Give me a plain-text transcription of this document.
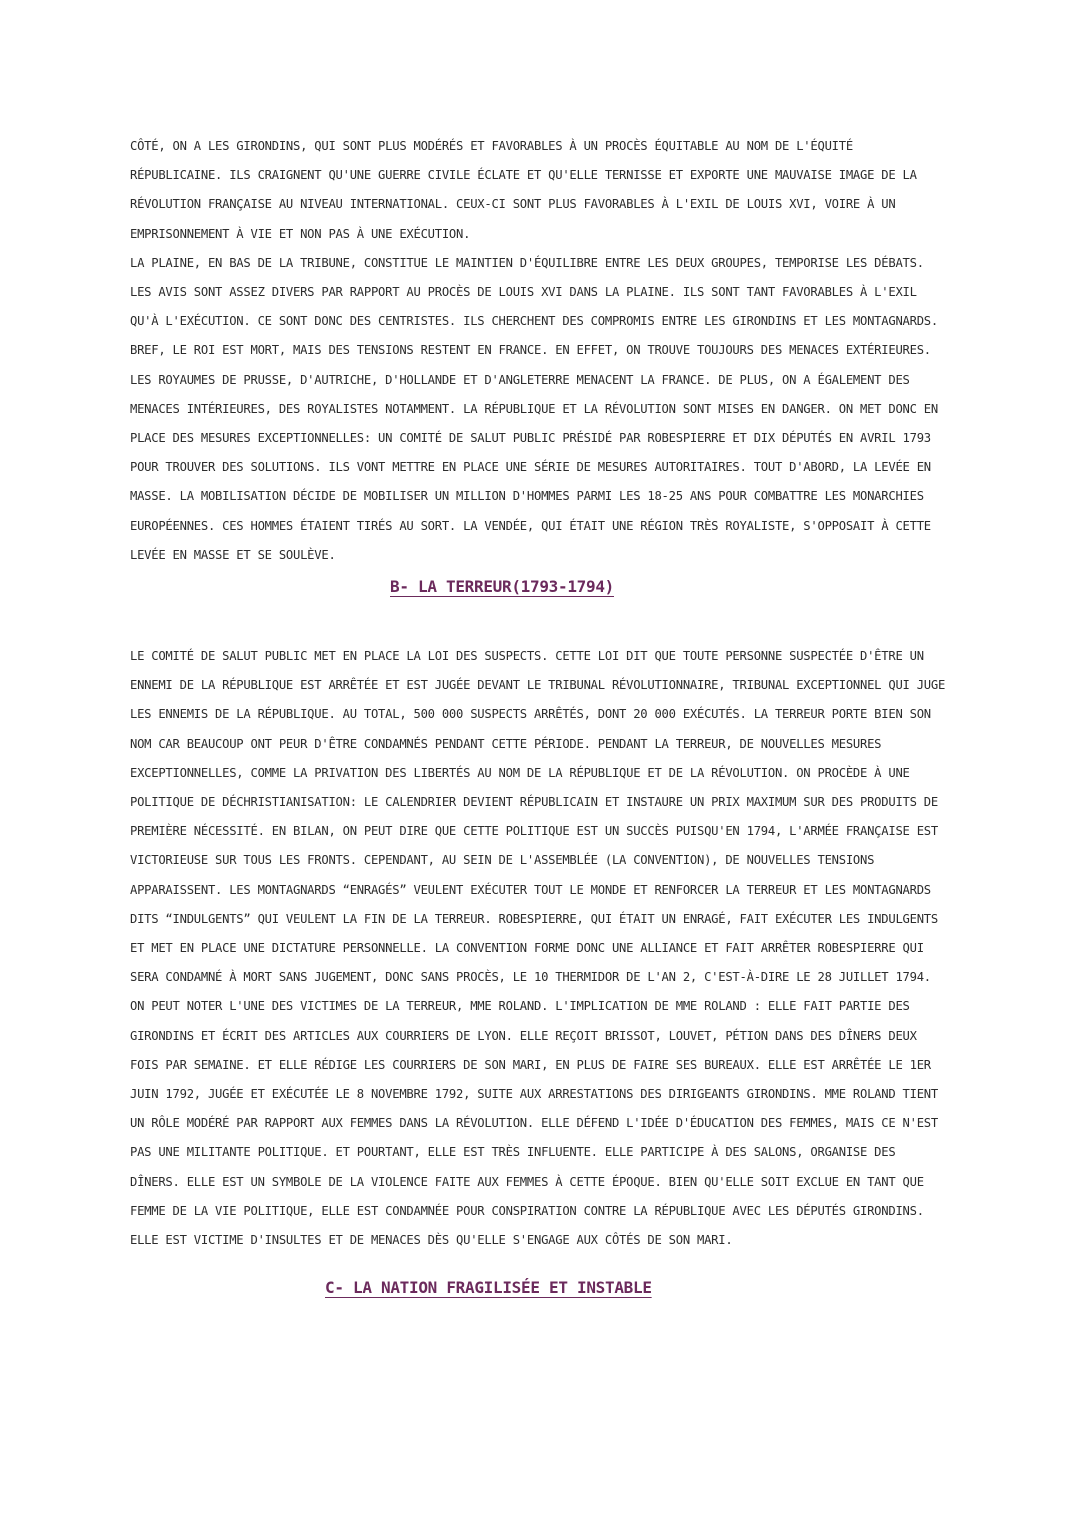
CÔTÉ, ON A LES GIRONDINS, QUI SONT PLUS MODÉRÉS ET FAVORABLES À UN PROCÈS ÉQUITABLE AU NOM DE L'ÉQUITÉ RÉPUBLICAINE. ILS CRAIGNENT QU'UNE GUERRE CIVILE ÉCLATE ET QU'ELLE TERNISSE ET EXPORTE UNE MAUVAISE IMAGE DE LA RÉVOLUTION FRANÇAISE AU NIVEAU INTERNATIONAL. CEUX-CI SONT PLUS FAVORABLES À L'EXIL DE LOUIS XVI, VOIRE À UN EMPRISONNEMENT À VIE ET NON PAS À UNE EXÉCUTION.

LA PLAINE, EN BAS DE LA TRIBUNE, CONSTITUE LE MAINTIEN D'ÉQUILIBRE ENTRE LES DEUX GROUPES, TEMPORISE LES DÉBATS. LES AVIS SONT ASSEZ DIVERS PAR RAPPORT AU PROCÈS DE LOUIS XVI DANS LA PLAINE. ILS SONT TANT FAVORABLES À L'EXIL QU'À L'EXÉCUTION. CE SONT DONC DES CENTRISTES. ILS CHERCHENT DES COMPROMIS ENTRE LES GIRONDINS ET LES MONTAGNARDS.

BREF, LE ROI EST MORT, MAIS DES TENSIONS RESTENT EN FRANCE. EN EFFET, ON TROUVE TOUJOURS DES MENACES EXTÉRIEURES. LES ROYAUMES DE PRUSSE, D'AUTRICHE, D'HOLLANDE ET D'ANGLETERRE MENACENT LA FRANCE. DE PLUS, ON A ÉGALEMENT DES MENACES INTÉRIEURES, DES ROYALISTES NOTAMMENT. LA RÉPUBLIQUE ET LA RÉVOLUTION SONT MISES EN DANGER. ON MET DONC EN PLACE DES MESURES EXCEPTIONNELLES: UN COMITÉ DE SALUT PUBLIC PRÉSIDÉ PAR ROBESPIERRE ET DIX DÉPUTÉS EN AVRIL 1793 POUR TROUVER DES SOLUTIONS. ILS VONT METTRE EN PLACE UNE SÉRIE DE MESURES AUTORITAIRES. TOUT D'ABORD, LA LEVÉE EN MASSE. LA MOBILISATION DÉCIDE DE MOBILISER UN MILLION D'HOMMES PARMI LES 18-25 ANS POUR COMBATTRE LES MONARCHIES EUROPÉENNES. CES HOMMES ÉTAIENT TIRÉS AU SORT. LA VENDÉE, QUI ÉTAIT UNE RÉGION TRÈS ROYALISTE, S'OPPOSAIT À CETTE LEVÉE EN MASSE ET SE SOULÈVE.

B- LA TERREUR(1793-1794)

LE COMITÉ DE SALUT PUBLIC MET EN PLACE LA LOI DES SUSPECTS. CETTE LOI DIT QUE TOUTE PERSONNE SUSPECTÉE D'ÊTRE UN ENNEMI DE LA RÉPUBLIQUE EST ARRÊTÉE ET EST JUGÉE DEVANT LE TRIBUNAL RÉVOLUTIONNAIRE, TRIBUNAL EXCEPTIONNEL QUI JUGE LES ENNEMIS DE LA RÉPUBLIQUE. AU TOTAL, 500 000 SUSPECTS ARRÊTÉS, DONT 20 000 EXÉCUTÉS. LA TERREUR PORTE BIEN SON NOM CAR BEAUCOUP ONT PEUR D'ÊTRE CONDAMNÉS PENDANT CETTE PÉRIODE. PENDANT LA TERREUR, DE NOUVELLES MESURES EXCEPTIONNELLES, COMME LA PRIVATION DES LIBERTÉS AU NOM DE LA RÉPUBLIQUE ET DE LA RÉVOLUTION. ON PROCÈDE À UNE POLITIQUE DE DÉCHRISTIANISATION: LE CALENDRIER DEVIENT RÉPUBLICAIN ET INSTAURE UN PRIX MAXIMUM SUR DES PRODUITS DE PREMIÈRE NÉCESSITÉ. EN BILAN, ON PEUT DIRE QUE CETTE POLITIQUE EST UN SUCCÈS PUISQU'EN 1794, L'ARMÉE FRANÇAISE EST VICTORIEUSE SUR TOUS LES FRONTS. CEPENDANT, AU SEIN DE L'ASSEMBLÉE (LA CONVENTION), DE NOUVELLES TENSIONS APPARAISSENT. LES MONTAGNARDS “ENRAGÉS” VEULENT EXÉCUTER TOUT LE MONDE ET RENFORCER LA TERREUR ET LES MONTAGNARDS DITS “INDULGENTS” QUI VEULENT LA FIN DE LA TERREUR. ROBESPIERRE, QUI ÉTAIT UN ENRAGÉ, FAIT EXÉCUTER LES INDULGENTS ET MET EN PLACE UNE DICTATURE PERSONNELLE. LA CONVENTION FORME DONC UNE ALLIANCE ET FAIT ARRÊTER ROBESPIERRE QUI SERA CONDAMNÉ À MORT SANS JUGEMENT, DONC SANS PROCÈS, LE 10 THERMIDOR DE L'AN 2, C'EST-À-DIRE LE 28 JUILLET 1794.

ON PEUT NOTER L'UNE DES VICTIMES DE LA TERREUR, MME ROLAND. L'IMPLICATION DE MME ROLAND : ELLE FAIT PARTIE DES GIRONDINS ET ÉCRIT DES ARTICLES AUX COURRIERS DE LYON. ELLE REÇOIT BRISSOT, LOUVET, PÉTION DANS DES DÎNERS DEUX FOIS PAR SEMAINE. ET ELLE RÉDIGE LES COURRIERS DE SON MARI, EN PLUS DE FAIRE SES BUREAUX. ELLE EST ARRÊTÉE LE 1ER JUIN 1792, JUGÉE ET EXÉCUTÉE LE 8 NOVEMBRE 1792, SUITE AUX ARRESTATIONS DES DIRIGEANTS GIRONDINS. MME ROLAND TIENT UN RÔLE MODÉRÉ PAR RAPPORT AUX FEMMES DANS LA RÉVOLUTION. ELLE DÉFEND L'IDÉE D'ÉDUCATION DES FEMMES, MAIS CE N'EST PAS UNE MILITANTE POLITIQUE. ET POURTANT, ELLE EST TRÈS INFLUENTE. ELLE PARTICIPE À DES SALONS, ORGANISE DES DÎNERS. ELLE EST UN SYMBOLE DE LA VIOLENCE FAITE AUX FEMMES À CETTE ÉPOQUE. BIEN QU'ELLE SOIT EXCLUE EN TANT QUE FEMME DE LA VIE POLITIQUE, ELLE EST CONDAMNÉE POUR CONSPIRATION CONTRE LA RÉPUBLIQUE AVEC LES DÉPUTÉS GIRONDINS. ELLE EST VICTIME D'INSULTES ET DE MENACES DÈS QU'ELLE S'ENGAGE AUX CÔTÉS DE SON MARI.

C- LA NATION FRAGILISÉE ET INSTABLE
